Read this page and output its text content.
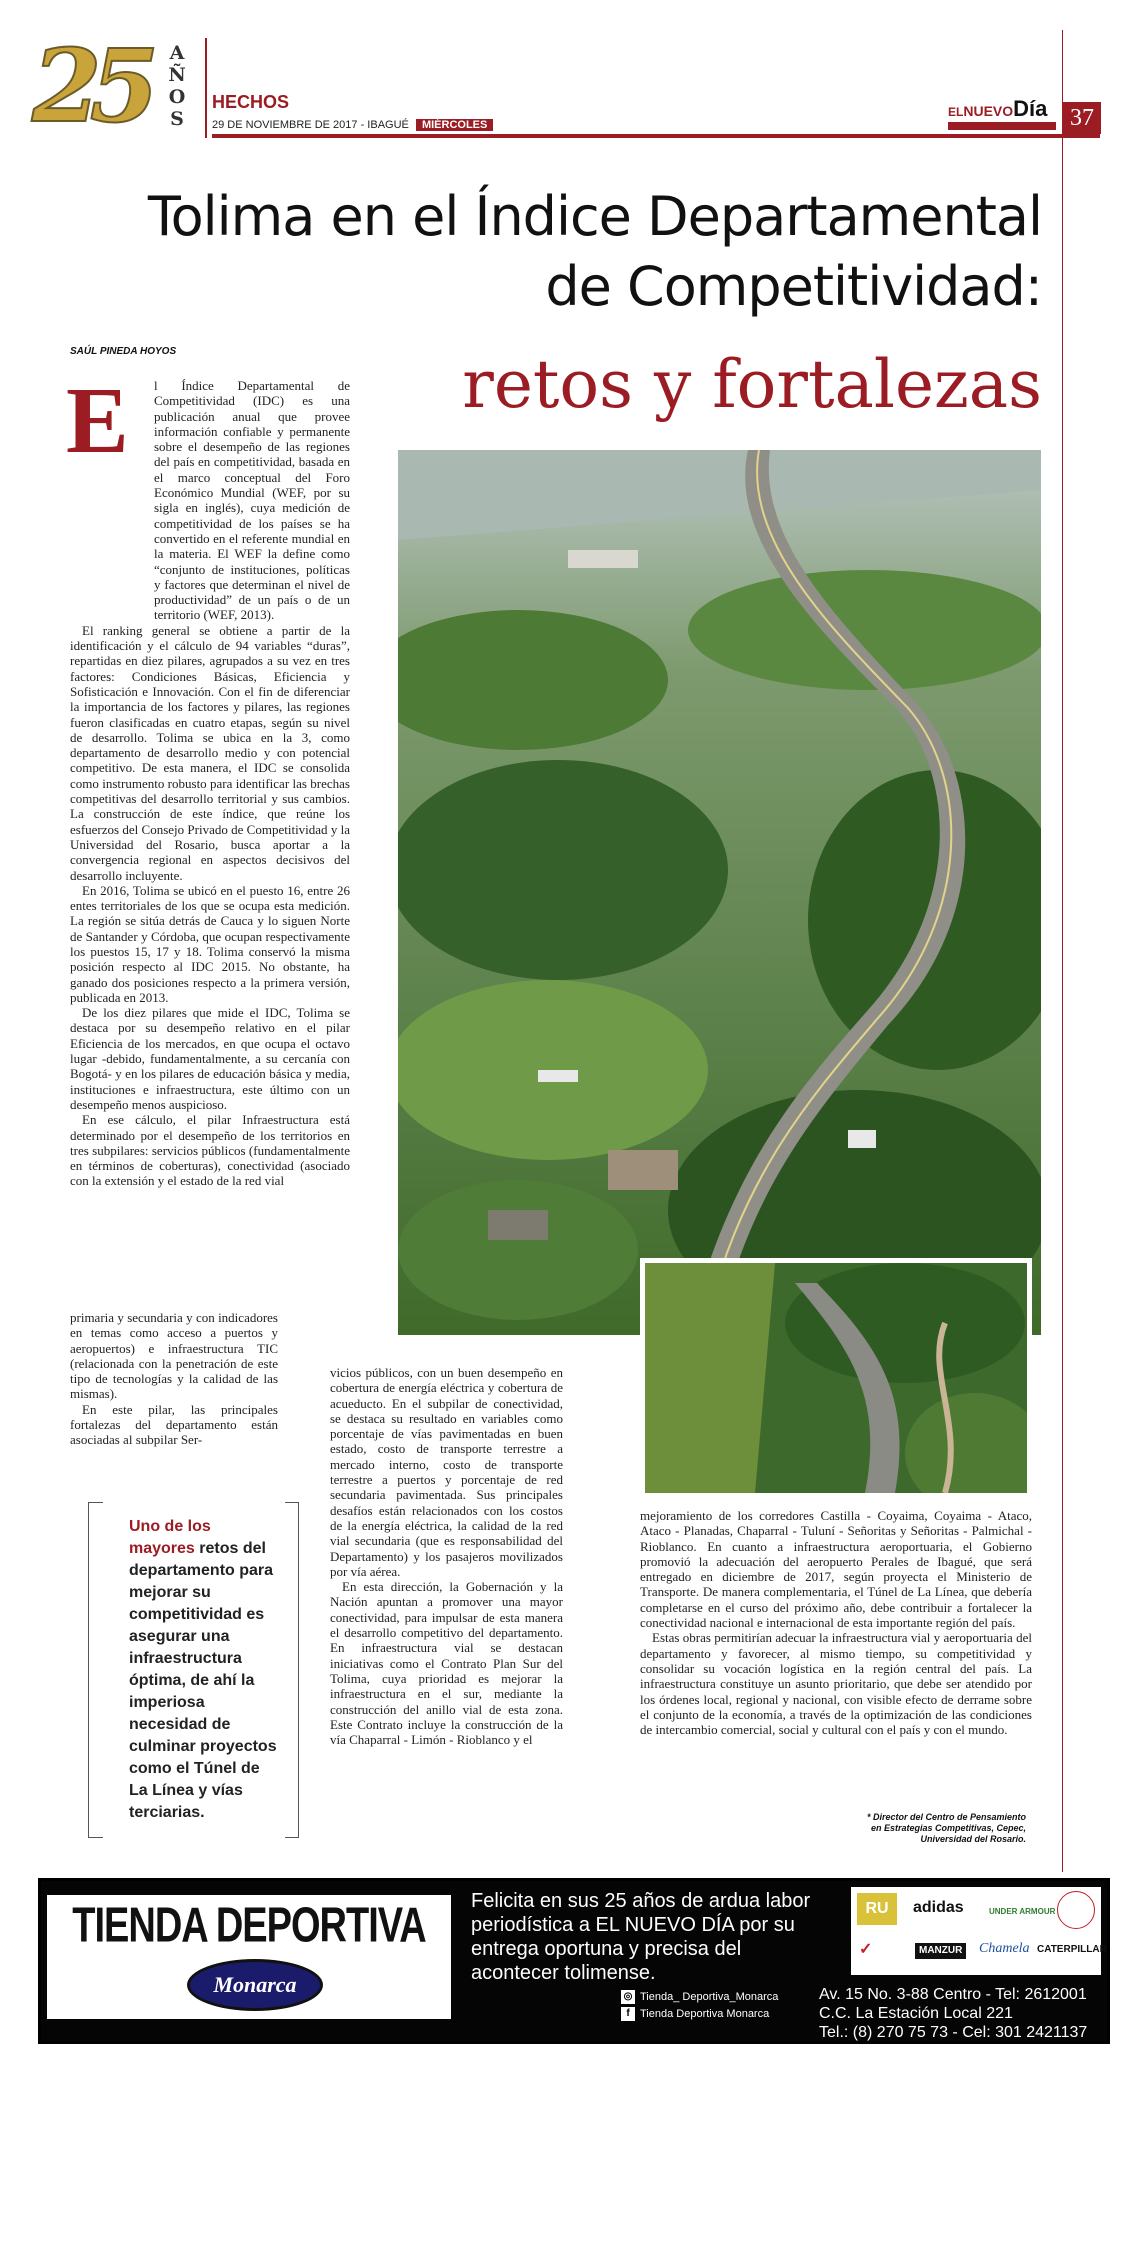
25 AÑOS HECHOS
29 DE NOVIEMBRE DE 2017 - IBAGUÉ MIÉRCOLES
ELNUEVODía 37
Tolima en el Índice Departamental
de Competitividad:
retos y fortalezas
SAÚL PINEDA HOYOS
E	l Índice Departamental de Competitividad (IDC) es una publicación anual que provee información confiable y permanente sobre el desempeño de las regiones del país en competitividad, basada en el marco conceptual del Foro Económico Mundial (WEF, por su sigla en inglés), cuya medición de competitividad de los países se ha convertido en el referente mundial en la materia. El WEF la define como “conjunto de instituciones, políticas y factores que determinan el nivel de productividad” de un país o de un territorio (WEF, 2013).

El ranking general se obtiene a partir de la identificación y el cálculo de 94 variables “duras”, repartidas en diez pilares, agrupados a su vez en tres factores: Condiciones Básicas, Eficiencia y Sofisticación e Innovación. Con el fin de diferenciar la importancia de los factores y pilares, las regiones fueron clasificadas en cuatro etapas, según su nivel de desarrollo. Tolima se ubica en la 3, como departamento de desarrollo medio y con potencial competitivo. De esta manera, el IDC se consolida como instrumento robusto para identificar las brechas competitivas del desarrollo territorial y sus cambios. La construcción de este índice, que reúne los esfuerzos del Consejo Privado de Competitividad y la Universidad del Rosario, busca aportar a la convergencia regional en aspectos decisivos del desarrollo incluyente.

En 2016, Tolima se ubicó en el puesto 16, entre 26 entes territoriales de los que se ocupa esta medición. La región se sitúa detrás de Cauca y lo siguen Norte de Santander y Córdoba, que ocupan respectivamente los puestos 15, 17 y 18. Tolima conservó la misma posición respecto al IDC 2015. No obstante, ha ganado dos posiciones respecto a la primera versión, publicada en 2013.

De los diez pilares que mide el IDC, Tolima se destaca por su desempeño relativo en el pilar Eficiencia de los mercados, en que ocupa el octavo lugar -debido, fundamentalmente, a su cercanía con Bogotá- y en los pilares de educación básica y media, instituciones e infraestructura, este último con un desempeño menos auspicioso.

En ese cálculo, el pilar Infraestructura está determinado por el desempeño de los territorios en tres subpilares: servicios públicos (fundamentalmente en términos de coberturas), conectividad (asociado con la extensión y el estado de la red vial

primaria y secundaria y con indicadores en temas como acceso a puertos y aeropuertos) e infraestructura TIC (relacionada con la penetración de este tipo de tecnologías y la calidad de las mismas).

En este pilar, las principales fortalezas del departamento están asociadas al subpilar Ser-

vicios públicos, con un buen desempeño en cobertura de energía eléctrica y cobertura de acueducto. En el subpilar de conectividad, se destaca su resultado en variables como porcentaje de vías pavimentadas en buen estado, costo de transporte terrestre a mercado interno, costo de transporte terrestre a puertos y porcentaje de red secundaria pavimentada. Sus principales desafíos están relacionados con los costos de la energía eléctrica, la calidad de la red vial secundaria (que es responsabilidad del Departamento) y los pasajeros movilizados por vía aérea.

En esta dirección, la Gobernación y la Nación apuntan a promover una mayor conectividad, para impulsar de esta manera el desarrollo competitivo del departamento. En infraestructura vial se destacan iniciativas como el Contrato Plan Sur del Tolima, cuya prioridad es mejorar la infraestructura en el sur, mediante la construcción del anillo vial de esta zona. Este Contrato incluye la construcción de la vía Chaparral - Limón - Rioblanco y el

mejoramiento de los corredores Castilla - Coyaima, Coyaima - Ataco, Ataco - Planadas, Chaparral - Tuluní - Señoritas y Señoritas - Palmichal - Rioblanco. En cuanto a infraestructura aeroportuaria, el Gobierno promovió la adecuación del aeropuerto Perales de Ibagué, que será entregado en diciembre de 2017, según proyecta el Ministerio de Transporte. De manera complementaria, el Túnel de La Línea, que debería completarse en el curso del próximo año, debe contribuir a fortalecer la conectividad nacional e internacional de esta importante región del país.

Estas obras permitirían adecuar la infraestructura vial y aeroportuaria del departamento y favorecer, al mismo tiempo, su competitividad y consolidar su vocación logística en la región central del país. La infraestructura constituye un asunto prioritario, que debe ser atendido por los órdenes local, regional y nacional, con visible efecto de derrame sobre el conjunto de la economía, a través de la optimización de las condiciones de intercambio comercial, social y cultural con el país y con el mundo.

Uno de los mayores retos del departamento para mejorar su competitividad es asegurar una infraestructura óptima, de ahí la imperiosa necesidad de culminar proyectos como el Túnel de La Línea y vías terciarias.	* Director del Centro de Pensamiento
en Estrategias Competitivas, Cepec,
Universidad del Rosario.
TIENDA DEPORTIVA
Monarca
Felicita en sus 25 años de ardua labor periodística a EL NUEVO DÍA por su entrega oportuna y precisa del acontecer tolimense.
RU	adidas	UNDER ARMOUR
MANZUR Chamela CATERPILLAR
✓
◎ Tienda_ Deportiva_Monarca
f Tienda Deportiva Monarca
Av. 15 No. 3-88 Centro - Tel: 2612001
C.C. La Estación Local 221
Tel.: (8) 270 75 73 - Cel: 301 2421137
Mercacentro 10 el Poblado local No. 5
